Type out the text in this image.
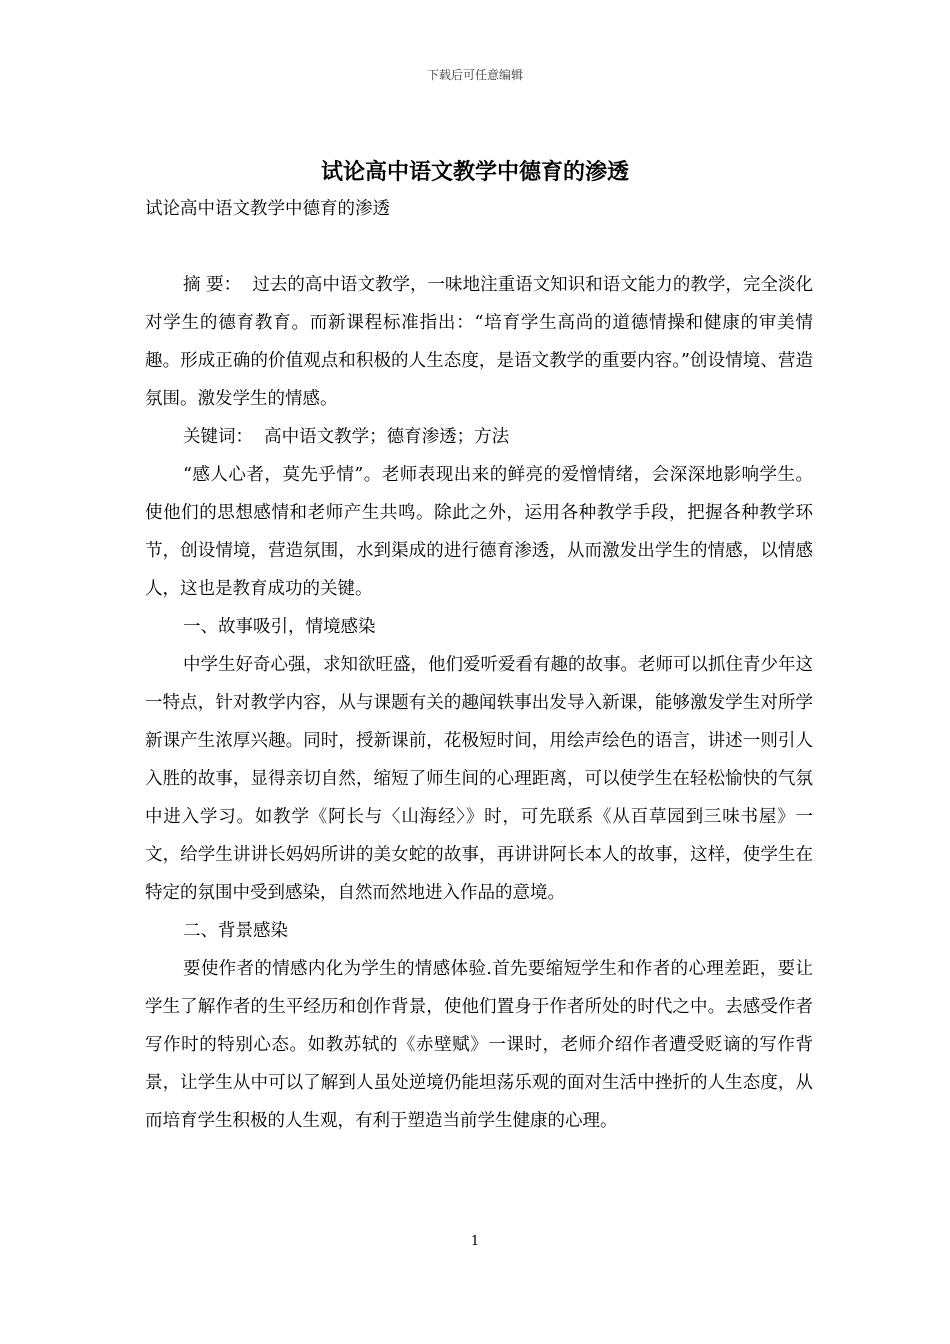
下载后可任意编辑
试论高中语文教学中德育的渗透

试论高中语文教学中德育的渗透

摘 要： 过去的高中语文教学，一味地注重语文知识和语文能力的教学，完全淡化对学生的德育教育。而新课程标准指出：“培育学生高尚的道德情操和健康的审美情趣。形成正确的价值观点和积极的人生态度，是语文教学的重要内容。”创设情境、营造氛围。激发学生的情感。

关键词： 高中语文教学；德育渗透；方法

“感人心者，莫先乎情”。老师表现出来的鲜亮的爱憎情绪，会深深地影响学生。使他们的思想感情和老师产生共鸣。除此之外，运用各种教学手段，把握各种教学环节，创设情境，营造氛围，水到渠成的进行德育渗透，从而激发出学生的情感，以情感人，这也是教育成功的关键。

一、故事吸引，情境感染

中学生好奇心强，求知欲旺盛，他们爱听爱看有趣的故事。老师可以抓住青少年这一特点，针对教学内容，从与课题有关的趣闻轶事出发导入新课，能够激发学生对所学新课产生浓厚兴趣。同时，授新课前，花极短时间，用绘声绘色的语言，讲述一则引人入胜的故事，显得亲切自然，缩短了师生间的心理距离，可以使学生在轻松愉快的气氛中进入学习。如教学《阿长与〈山海经〉》时，可先联系《从百草园到三味书屋》一文，给学生讲讲长妈妈所讲的美女蛇的故事，再讲讲阿长本人的故事，这样，使学生在特定的氛围中受到感染，自然而然地进入作品的意境。

二、背景感染

要使作者的情感内化为学生的情感体验.首先要缩短学生和作者的心理差距，要让学生了解作者的生平经历和创作背景，使他们置身于作者所处的时代之中。去感受作者写作时的特别心态。如教苏轼的《赤壁赋》一课时，老师介绍作者遭受贬谪的写作背景，让学生从中可以了解到人虽处逆境仍能坦荡乐观的面对生活中挫折的人生态度，从而培育学生积极的人生观，有利于塑造当前学生健康的心理。

1
